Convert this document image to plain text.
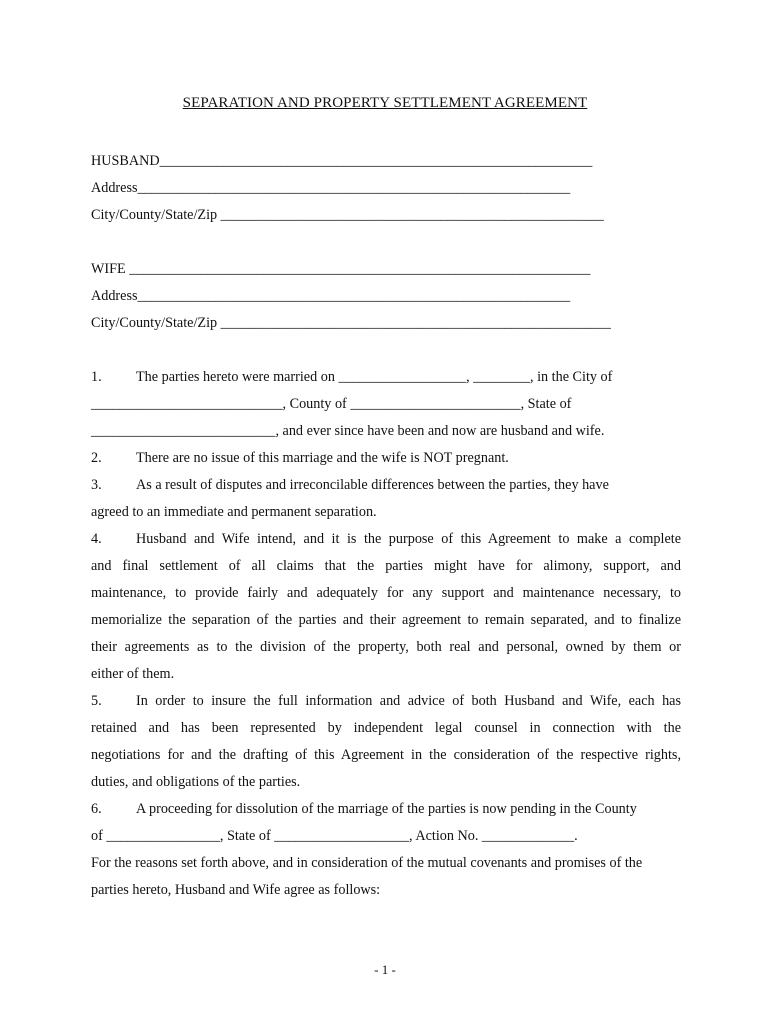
SEPARATION AND PROPERTY SETTLEMENT AGREEMENT
HUSBAND_____________________________________________________________
Address_____________________________________________________________
City/County/State/Zip ______________________________________________________
WIFE _________________________________________________________________
Address_____________________________________________________________
City/County/State/Zip _______________________________________________________
1. The parties hereto were married on __________________, ________, in the City of
___________________________, County of ________________________, State of
__________________________, and ever since have been and now are husband and wife.
2. There are no issue of this marriage and the wife is NOT pregnant.
3. As a result of disputes and irreconcilable differences between the parties, they have
agreed to an immediate and permanent separation.
4. Husband and Wife intend, and it is the purpose of this Agreement to make a complete
and final settlement of all claims that the parties might have for alimony, support, and
maintenance, to provide fairly and adequately for any support and maintenance necessary, to
memorialize the separation of the parties and their agreement to remain separated, and to finalize
their agreements as to the division of the property, both real and personal, owned by them or
either of them.
5. In order to insure the full information and advice of both Husband and Wife, each has
retained and has been represented by independent legal counsel in connection with the
negotiations for and the drafting of this Agreement in the consideration of the respective rights,
duties, and obligations of the parties.
6. A proceeding for dissolution of the marriage of the parties is now pending in the County
of ________________, State of ___________________, Action No. _____________.
For the reasons set forth above, and in consideration of the mutual covenants and promises of the
parties hereto, Husband and Wife agree as follows:
- 1 -
